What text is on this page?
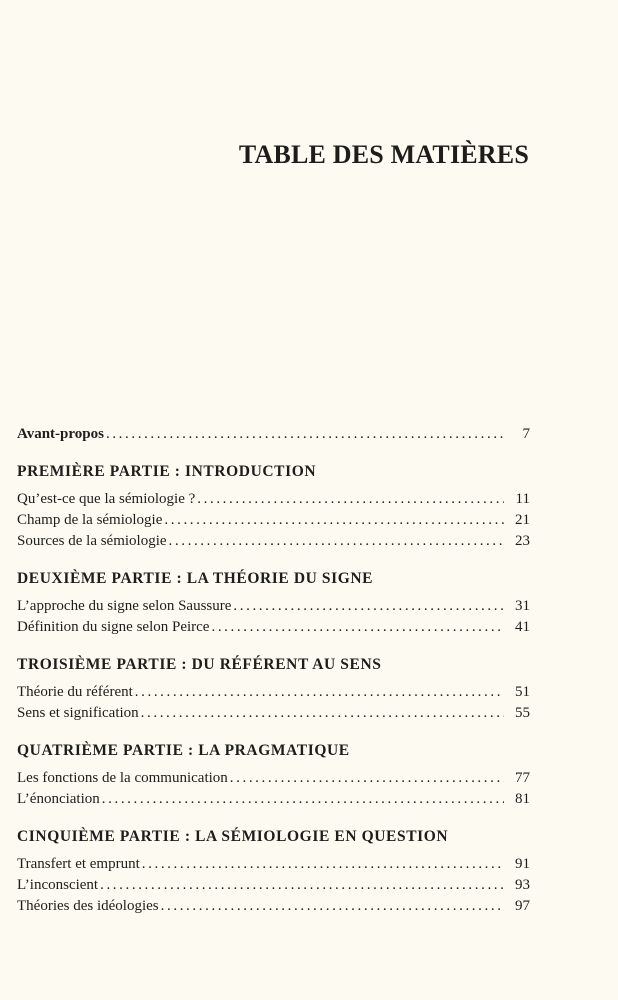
TABLE DES MATIÈRES
Avant-propos .....	7
PREMIÈRE PARTIE : INTRODUCTION
Qu’est-ce que la sémiologie ? .....	11
Champ de la sémiologie .....	21
Sources de la sémiologie .....	23
DEUXIÈME PARTIE : LA THÉORIE DU SIGNE
L’approche du signe selon Saussure .....	31
Définition du signe selon Peirce .....	41
TROISIÈME PARTIE : DU RÉFÉRENT AU SENS
Théorie du référent .....	51
Sens et signification .....	55
QUATRIÈME PARTIE : LA PRAGMATIQUE
Les fonctions de la communication .....	77
L’énonciation .....	81
CINQUIÈME PARTIE : LA SÉMIOLOGIE EN QUESTION
Transfert et emprunt .....	91
L’inconscient .....	93
Théories des idéologies .....	97
